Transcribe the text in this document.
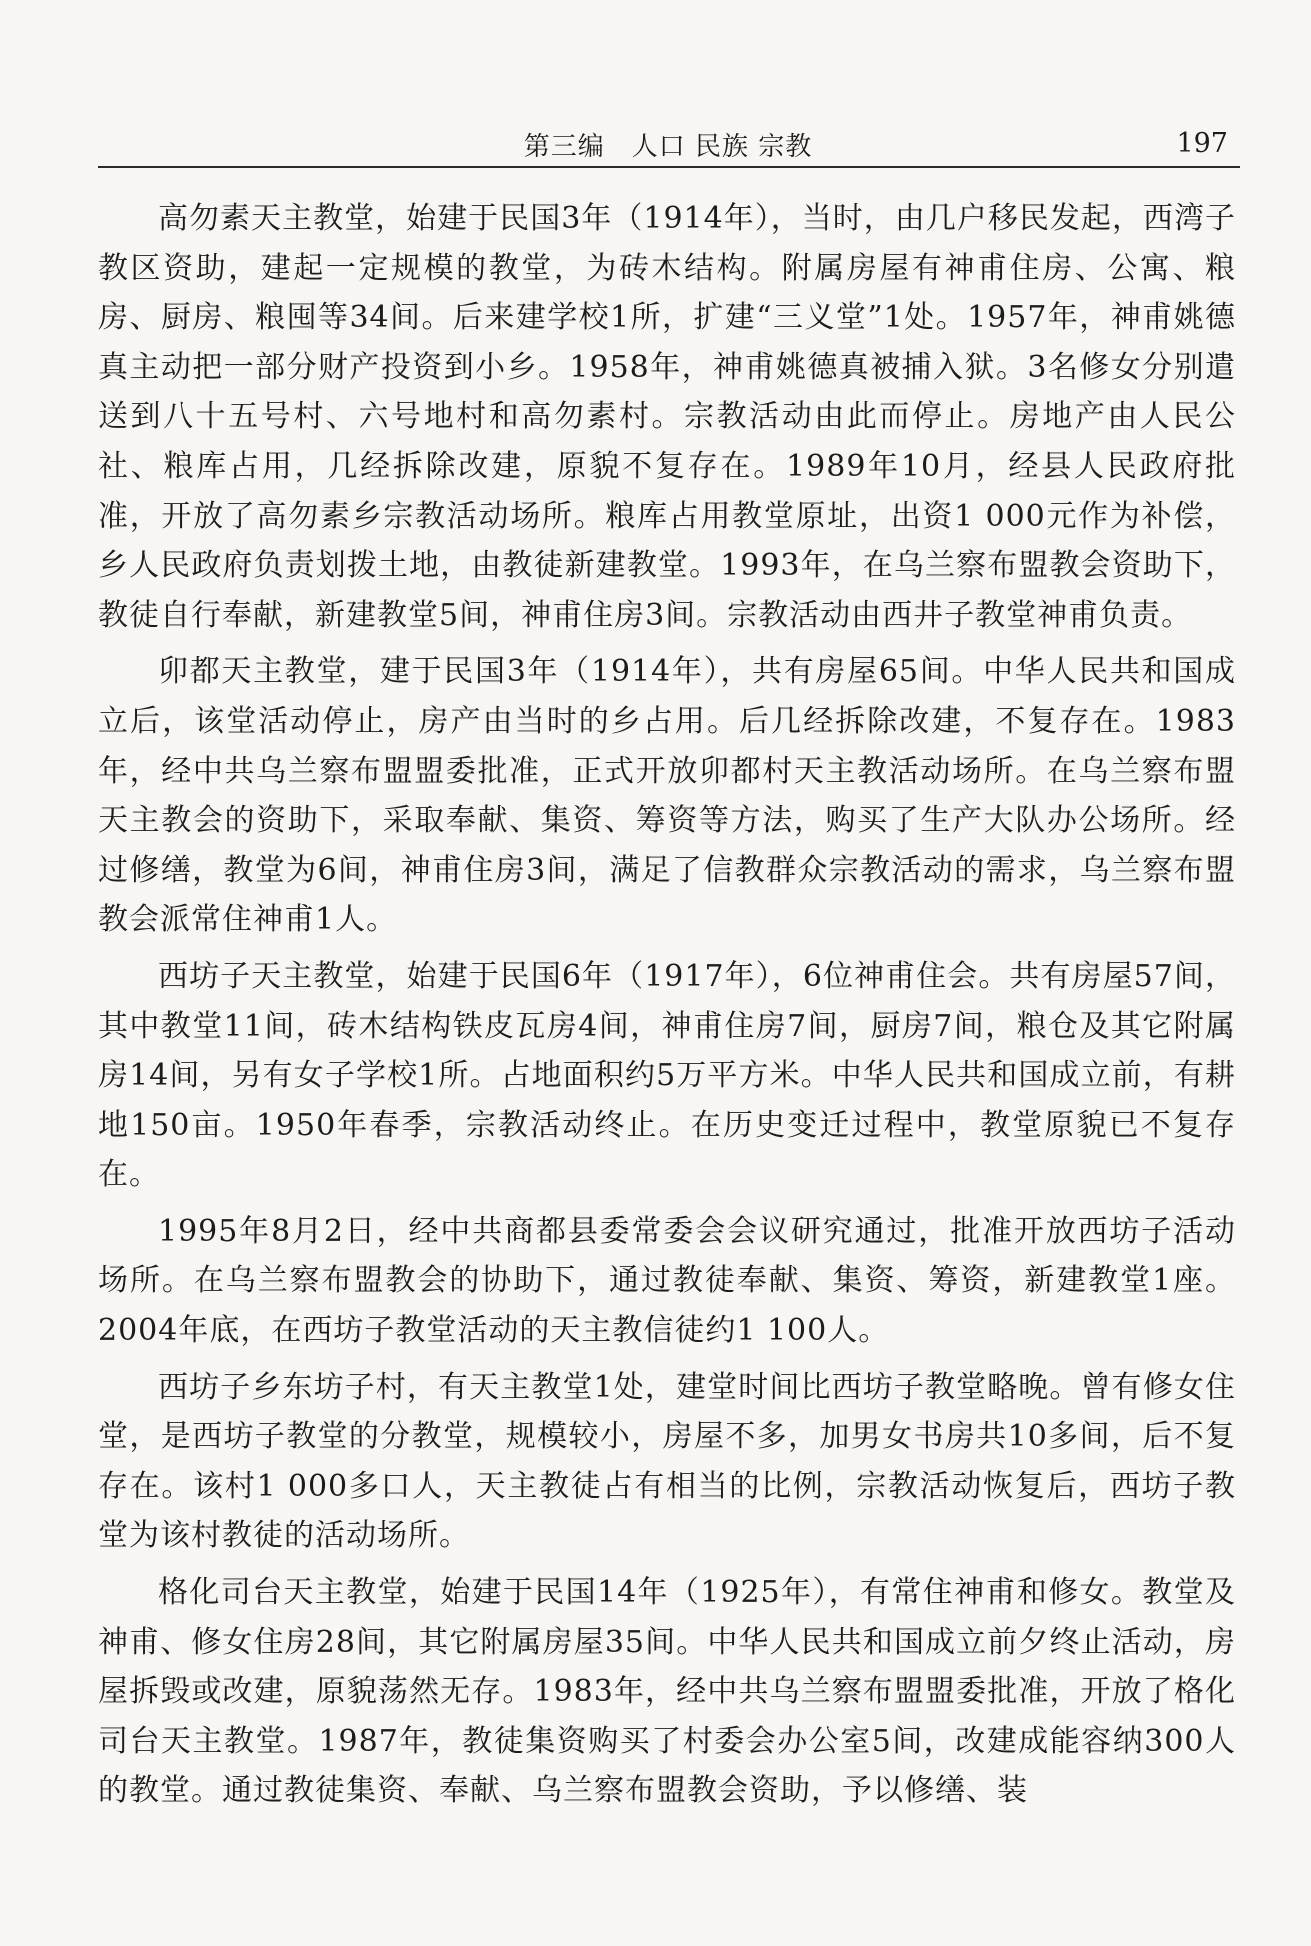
第三编　人口 民族 宗教	197

高勿素天主教堂，始建于民国3年（1914年），当时，由几户移民发起，西湾子教区资助，建起一定规模的教堂，为砖木结构。附属房屋有神甫住房、公寓、粮房、厨房、粮囤等34间。后来建学校1所，扩建“三义堂”1处。1957年，神甫姚德真主动把一部分财产投资到小乡。1958年，神甫姚德真被捕入狱。3名修女分别遣送到八十五号村、六号地村和高勿素村。宗教活动由此而停止。房地产由人民公社、粮库占用，几经拆除改建，原貌不复存在。1989年10月，经县人民政府批准，开放了高勿素乡宗教活动场所。粮库占用教堂原址，出资1 000元作为补偿，乡人民政府负责划拨土地，由教徒新建教堂。1993年，在乌兰察布盟教会资助下，教徒自行奉献，新建教堂5间，神甫住房3间。宗教活动由西井子教堂神甫负责。

卯都天主教堂，建于民国3年（1914年），共有房屋65间。中华人民共和国成立后，该堂活动停止，房产由当时的乡占用。后几经拆除改建，不复存在。1983年，经中共乌兰察布盟盟委批准，正式开放卯都村天主教活动场所。在乌兰察布盟天主教会的资助下，采取奉献、集资、筹资等方法，购买了生产大队办公场所。经过修缮，教堂为6间，神甫住房3间，满足了信教群众宗教活动的需求，乌兰察布盟教会派常住神甫1人。

西坊子天主教堂，始建于民国6年（1917年），6位神甫住会。共有房屋57间，其中教堂11间，砖木结构铁皮瓦房4间，神甫住房7间，厨房7间，粮仓及其它附属房14间，另有女子学校1所。占地面积约5万平方米。中华人民共和国成立前，有耕地150亩。1950年春季，宗教活动终止。在历史变迁过程中，教堂原貌已不复存在。

1995年8月2日，经中共商都县委常委会会议研究通过，批准开放西坊子活动场所。在乌兰察布盟教会的协助下，通过教徒奉献、集资、筹资，新建教堂1座。2004年底，在西坊子教堂活动的天主教信徒约1 100人。

西坊子乡东坊子村，有天主教堂1处，建堂时间比西坊子教堂略晚。曾有修女住堂，是西坊子教堂的分教堂，规模较小，房屋不多，加男女书房共10多间，后不复存在。该村1 000多口人，天主教徒占有相当的比例，宗教活动恢复后，西坊子教堂为该村教徒的活动场所。

格化司台天主教堂，始建于民国14年（1925年），有常住神甫和修女。教堂及神甫、修女住房28间，其它附属房屋35间。中华人民共和国成立前夕终止活动，房屋拆毁或改建，原貌荡然无存。1983年，经中共乌兰察布盟盟委批准，开放了格化司台天主教堂。1987年，教徒集资购买了村委会办公室5间，改建成能容纳300人的教堂。通过教徒集资、奉献、乌兰察布盟教会资助，予以修缮、装
